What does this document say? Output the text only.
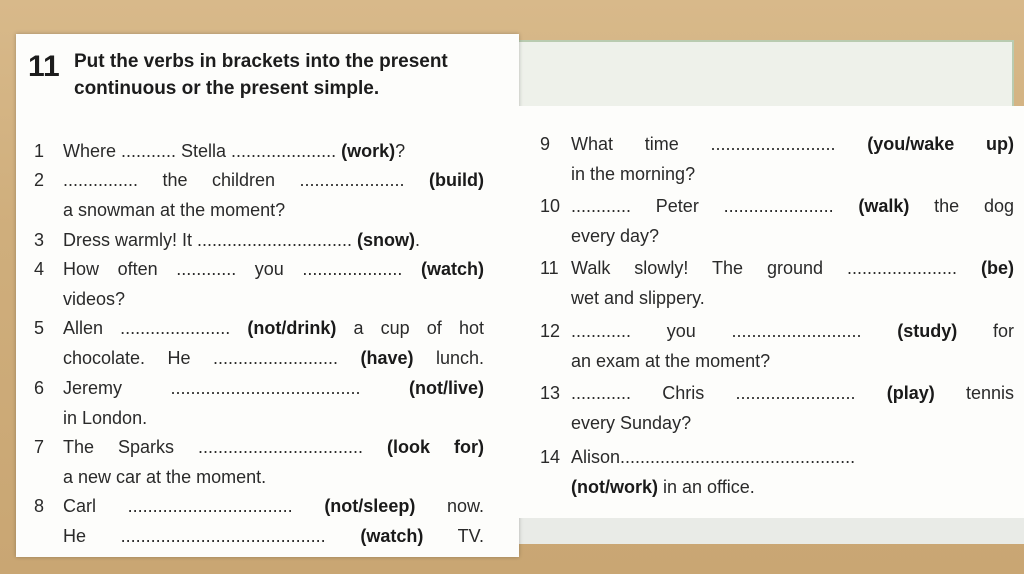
11 Put the verbs in brackets into the present continuous or the present simple.
1	Where ........... Stella ..................... (work)?
2	............... the children ..................... (build)
a snowman at the moment?
3	Dress warmly! It ............................... (snow).
4	How often ............ you .................... (watch)
videos?
5	Allen ...................... (not/drink) a cup of hot
chocolate. He ......................... (have) lunch.
6	Jeremy ...................................... (not/live)
in London.
7	The Sparks ................................. (look for)
a new car at the moment.
8	Carl ................................. (not/sleep) now.
He ......................................... (watch) TV.
9	What time ......................... (you/wake up)
in the morning?
10 ............ Peter ...................... (walk) the dog
every day?
11 Walk slowly! The ground ...................... (be)
wet and slippery.
12 ............ you .......................... (study) for
an exam at the moment?
13 ............ Chris ........................ (play) tennis
every Sunday?
14 Alison...............................................
(not/work) in an office.
